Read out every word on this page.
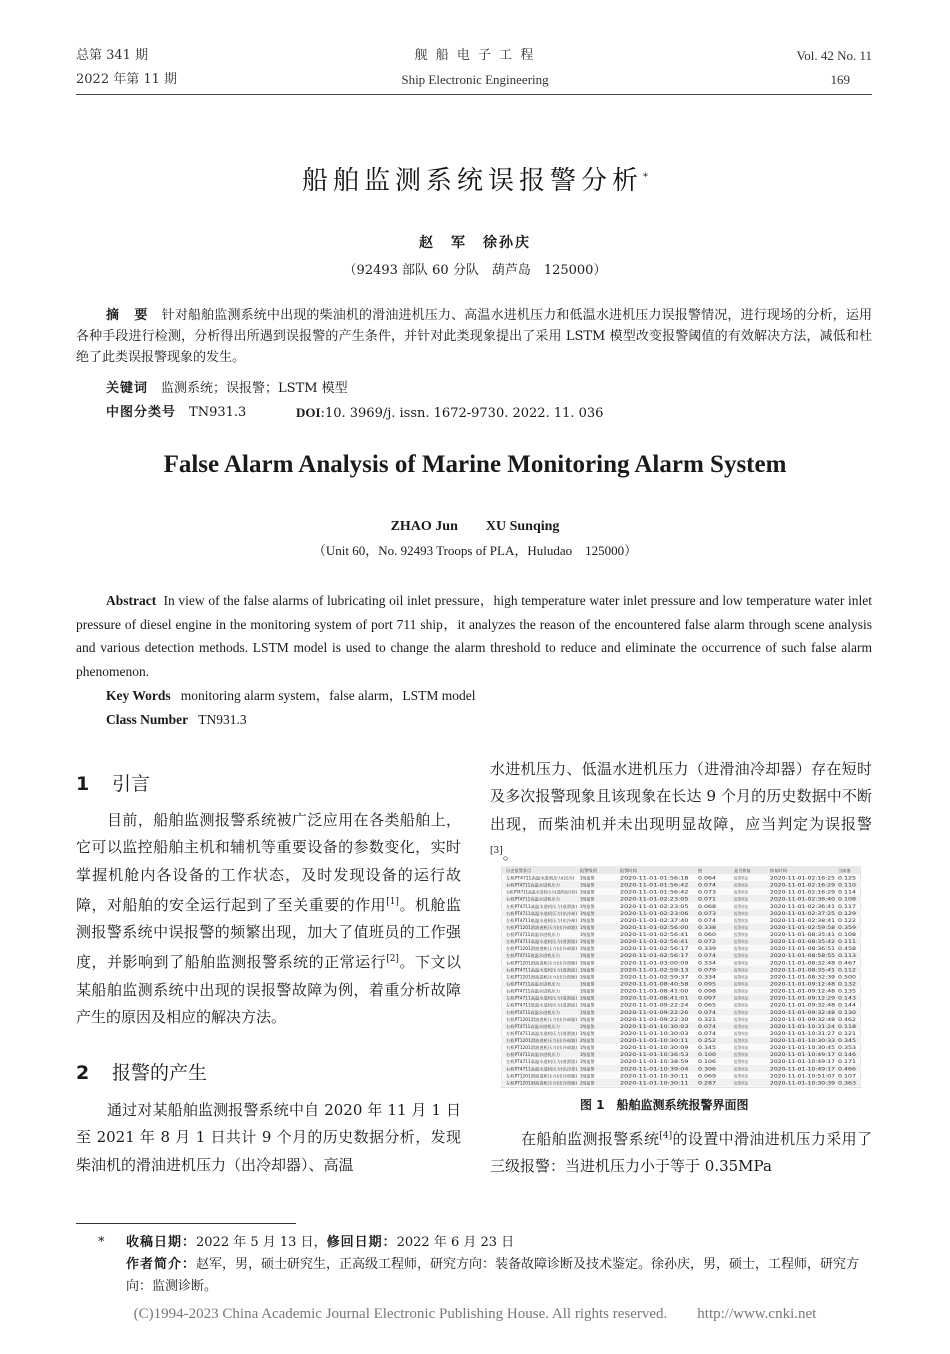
总第 341 期
2022 年第 11 期
舰 船 电 子 工 程
Ship Electronic Engineering
Vol. 42 No. 11
169
船舶监测系统误报警分析*
赵　军　徐孙庆
（92493 部队 60 分队　葫芦岛　125000）
摘　要　 针对船舶监测系统中出现的柴油机的滑油进机压力、高温水进机压力和低温水进机压力误报警情况，进行现场的分析，运用各种手段进行检测，分析得出所遇到误报警的产生条件，并针对此类现象提出了采用 LSTM 模型改变报警阈值的有效解决方法，减低和杜绝了此类误报警现象的发生。
关键词　 监测系统；误报警；LSTM 模型
中图分类号　 TN931.3	DOI:10. 3969/j. issn. 1672-9730. 2022. 11. 036
False Alarm Analysis of Marine Monitoring Alarm System
ZHAO Jun　　XU Sunqing
（Unit 60，No. 92493 Troops of PLA，Huludao　125000）
Abstract In view of the false alarms of lubricating oil inlet pressure，high temperature water inlet pressure and low temperature water inlet pressure of diesel engine in the monitoring system of port 711 ship，it analyzes the reason of the encountered false alarm through scene analysis and various detection methods. LSTM model is used to change the alarm threshold to reduce and eliminate the occurrence of such false alarm phenomenon.
Key Words monitoring alarm system，false alarm，LSTM model
Class Number TN931.3
1 引言
目前，船舶监测报警系统被广泛应用在各类船舶上，它可以监控船舶主机和辅机等重要设备的参数变化，实时掌握机舱内各设备的工作状态，及时发现设备的运行故障，对船舶的安全运行起到了至关重要的作用[1]。机舱监测报警系统中误报警的频繁出现，加大了值班员的工作强度，并影响到了船舶监测报警系统的正常运行[2]。下文以某船舶监测系统中出现的误报警故障为例，着重分析故障产生的原因及相应的解决方法。
2 报警的产生
通过对某船舶监测报警系统中自 2020 年 11 月 1 日至 2021 年 8 月 1 日共计 9 个月的历史数据分析，发现柴油机的滑油进机压力（出冷却器）、高温
水进机压力、低温水进机压力（进滑油冷却器）存在短时及多次报警现象且该现象在长达 9 个月的历史数据中不断出现，而柴油机并未出现明显故障，应当判定为误报警[3]。
历史报警条目	报警级别	报警时间	值	是否恢复	恢复时间	当前值
左机PT4711高温水进机压力(出冷)	1级报警	2020-11-01-01:56:18 0.064	报警恢复	2020-11-01-02:16:25 0.125
右机PT4711高温水进机压力	1级报警	2020-11-01-01:56:42 0.074	报警恢复	2020-11-01-02:16:29 0.110
右机PT4711高温水进机压力(进滑油冷却) 1级报警	2020-11-01-01:56:42 0.073	报警恢复	2020-11-01-02:16:29 0.114
右机PT4711高温水进机压力	1级报警	2020-11-01-02:23:05 0.071	报警恢复	2020-11-01-02:36:40 0.108
左机PT4711高温水进机压力(进滑油)	1级报警	2020-11-01-02:23:05 0.068	报警恢复	2020-11-01-02:36:41 0.117
右机PT4711高温水进机压力(出冷却)	1级报警	2020-11-01-02:23:06 0.073	报警恢复	2020-11-01-02:37:25 0.129
左机PT4711低温水进机压力(出冷却)	1级报警	2020-11-01-02:37:40 0.074	报警恢复	2020-11-01-02:38:41 0.122
右机PT1201滑油进机压力(出冷却器)	1级报警	2020-11-01-02:56:00 0.338	报警恢复	2020-11-01-02:59:58 0.359
右机PT4711高温水进机压力	1级报警	2020-11-01-02:56:41 0.060	报警恢复	2020-11-01-08:35:41 0.108
左机PT4711高温水进机压力(进滑油)	1级报警	2020-11-01-02:56:41 0.072	报警恢复	2020-11-01-08:35:42 0.111
左机PT1201滑油进机压力(出冷却器)	1级报警	2020-11-01-02:56:17 0.339	报警恢复	2020-11-01-08:36:51 0.458
左机PT4711低温水进机压力	1级报警	2020-11-01-02:56:17 0.074	报警恢复	2020-11-01-08:58:55 0.113
右机PT1201滑油进机压力(出冷却器)	1级报警	2020-11-01-03:00:09 0.334	报警恢复	2020-11-01-08:32:48 0.467
右机PT4711高温水进机压力(进滑油)	1级报警	2020-11-01-02:59:13 0.079	报警恢复	2020-11-01-08:35:41 0.112
左机PT1201滑油进机压力(出冷却器)	1级报警	2020-11-01-02:59:37 0.334	报警恢复	2020-11-01-08:32:39 0.500
右机PT4711高温水进机压力	1级报警	2020-11-01-08:40:58 0.095	报警恢复	2020-11-01-09:12:48 0.132
右机PT4711高温水进机压力	1级报警	2020-11-01-08:41:00 0.098	报警恢复	2020-11-01-09:12:48 0.135
左机PT4711高温水进机压力(进滑油)	1级报警	2020-11-01-08:41:01 0.097	报警恢复	2020-11-01-09:12:29 0.143
左机PT4711低温水进机压力(进滑油)	1级报警	2020-11-01-09:22:24 0.065	报警恢复	2020-11-01-09:32:48 0.144
右机PT4711高温水进机压力	1级报警	2020-11-01-09:22:26 0.074	报警恢复	2020-11-01-09:32:48 0.130
右机PT1201滑油进机压力(出冷却器)	1级报警	2020-11-01-09:22:30 0.321	报警恢复	2020-11-01-09:32:48 0.462
右机PT4711高温水进机压力	1级报警	2020-11-01-10:30:03 0.074	报警恢复	2020-11-01-10:31:24 0.118
左机PT4711高温水进机压力(进滑油)	1级报警	2020-11-01-10:30:03 0.074	报警恢复	2020-11-01-10:31:27 0.121
右机PT1201滑油进机压力(出冷却器)	2级报警	2020-11-01-10:30:11 0.252	报警恢复	2020-11-01-10:30:33 0.345
右机PT1201滑油进机压力(出冷却器)	1级报警	2020-11-01-10:30:09 0.345	报警恢复	2020-11-01-10:30:45 0.353
右机PT4711高温水进机压力	1级报警	2020-11-01-10:36:53 0.100	报警恢复	2020-11-01-10:49:17 0.146
左机PT4711高温水进机压力(进滑油)	1级报警	2020-11-01-10:38:59 0.106	报警恢复	2020-11-01-10:49:17 0.171
右机PT4711高温水进机压力(出冷却)	1级报警	2020-11-01-10:39:04 0.306	报警恢复	2020-11-01-10:49:17 0.466
左机PT1201滑油进机压力(出冷却器)	1级报警	2020-11-01-10:30:11 0.069	报警恢复	2020-11-01-10:51:07 0.107
左机PT1201滑油进机压力(出冷却器)	2级报警	2020-11-01-10:30:11 0.287	报警恢复	2020-11-01-10:30:39 0.363
图 1　船舶监测系统报警界面图
在船舶监测报警系统[4]的设置中滑油进机压力采用了三级报警：当进机压力小于等于 0.35MPa
* 收稿日期：2022 年 5 月 13 日，修回日期：2022 年 6 月 23 日
作者简介：赵军，男，硕士研究生，正高级工程师，研究方向：装备故障诊断及技术鉴定。徐孙庆，男，硕士，工程师，研究方向：监测诊断。
(C)1994-2023 China Academic Journal Electronic Publishing House. All rights reserved.　　http://www.cnki.net
